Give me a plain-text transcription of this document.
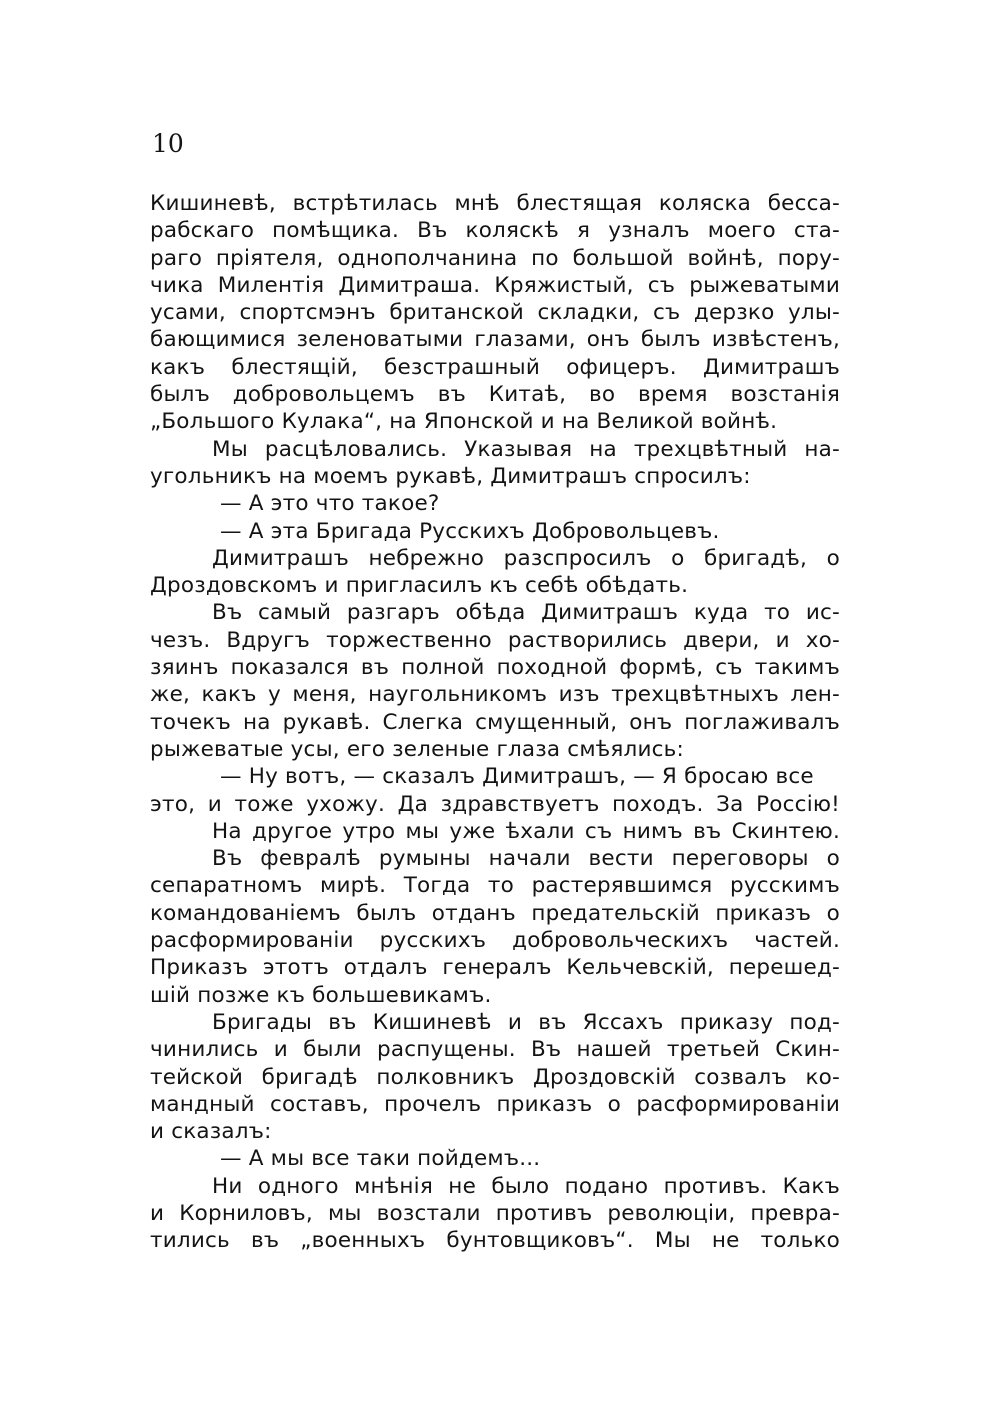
10
Кишиневѣ, встрѣтилась мнѣ блестящая коляска бесса-
рабскаго помѣщика. Въ коляскѣ я узналъ моего ста-
раго прiятеля, однополчанина по большой войнѣ, пору-
чика Милентiя Димитраша. Кряжистый, съ рыжеватыми
усами, спортсмэнъ британской складки, съ дерзко улы-
бающимися зеленоватыми глазами, онъ былъ извѣстенъ,
какъ блестящiй, безстрашный офицеръ. Димитрашъ
былъ добровольцемъ въ Китаѣ, во время возстанiя
„Большого Кулака“, на Японской и на Великой войнѣ.
Мы расцѣловались. Указывая на трехцвѣтный на-
угольникъ на моемъ рукавѣ, Димитрашъ спросилъ:
— А это что такое?
— А эта Бригада Русскихъ Добровольцевъ.
Димитрашъ небрежно разспросилъ о бригадѣ, о
Дроздовскомъ и пригласилъ къ себѣ обѣдать.
Въ самый разгаръ обѣда Димитрашъ куда то ис-
чезъ. Вдругъ торжественно растворились двери, и хо-
зяинъ показался въ полной походной формѣ, съ такимъ
же, какъ у меня, наугольникомъ изъ трехцвѣтныхъ лен-
точекъ на рукавѣ. Слегка смущенный, онъ поглаживалъ
рыжеватые усы, его зеленые глаза смѣялись:
— Ну вотъ, — сказалъ Димитрашъ, — Я бросаю все
это, и тоже ухожу. Да здравствуетъ походъ. За Россiю!
На другое утро мы уже ѣхали съ нимъ въ Скинтею.
Въ февралѣ румыны начали вести переговоры о
сепаратномъ мирѣ. Тогда то растерявшимся русскимъ
командованiемъ былъ отданъ предательскiй приказъ о
расформированiи русскихъ добровольческихъ частей.
Приказъ этотъ отдалъ генералъ Кельчевскiй, перешед-
шiй позже къ большевикамъ.
Бригады въ Кишиневѣ и въ Яссахъ приказу под-
чинились и были распущены. Въ нашей третьей Скин-
тейской бригадѣ полковникъ Дроздовскiй созвалъ ко-
мандный составъ, прочелъ приказъ о расформированiи
и сказалъ:
— А мы все таки пойдемъ...
Ни одного мнѣнiя не было подано противъ. Какъ
и Корниловъ, мы возстали противъ революцiи, превра-
тились въ „военныхъ бунтовщиковъ“. Мы не только
